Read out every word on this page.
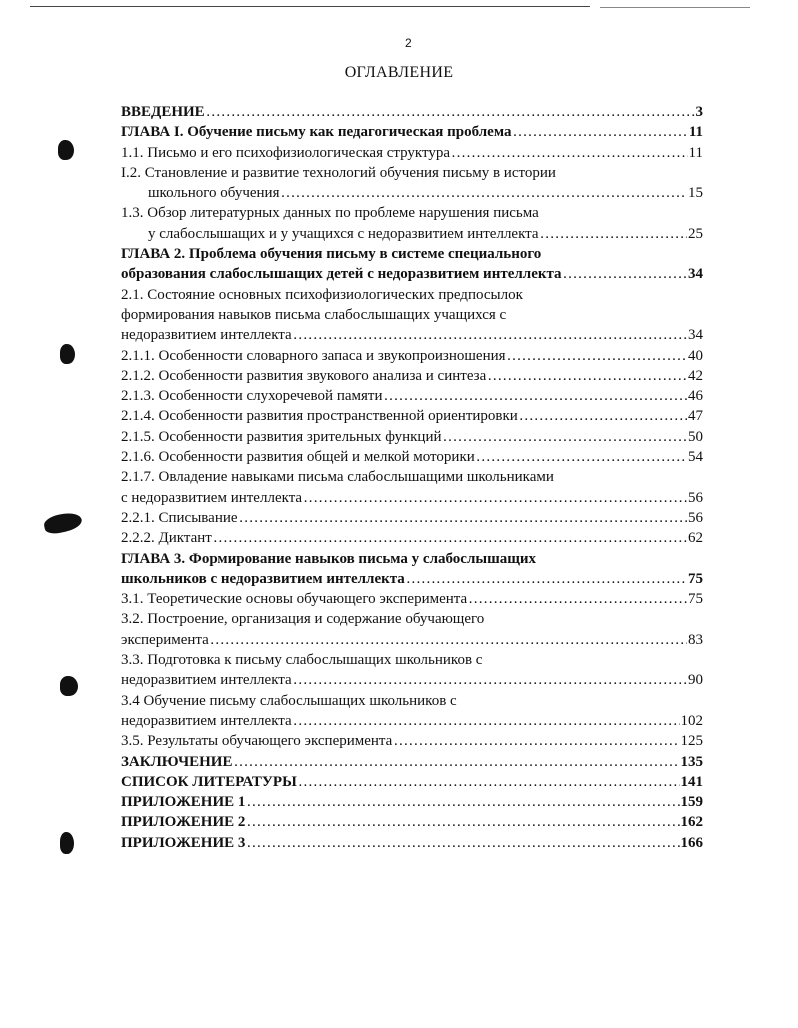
2
ОГЛАВЛЕНИЕ
ВВЕДЕНИЕ …………………………………………………………………………………………………………………………………………………………………………………………………………………………	3
ГЛАВА I. Обучение письму как педагогическая проблема …………………………………………………………………………………………………………………………………………………………………………………………………………………………	11
1.1. Письмо и его психофизиологическая структура …………………………………………………………………………………………………………………………………………………………………………………………………………………………	11
I.2. Становление и развитие технологий обучения письму в истории
школьного обучения …………………………………………………………………………………………………………………………………………………………………………………………………………………………	15
1.3. Обзор литературных данных по проблеме нарушения письма
у слабослышащих и у учащихся с недоразвитием интеллекта …………………………………………………………………………………………………………………………………………………………………………………………………………………………	25
ГЛАВА 2. Проблема обучения письму в системе специального
образования слабослышащих детей с недоразвитием интеллекта …………………………………………………………………………………………………………………………………………………………………………………………………………………………	34
2.1. Состояние основных психофизиологических предпосылок
формирования навыков письма слабослышащих учащихся с
недоразвитием интеллекта …………………………………………………………………………………………………………………………………………………………………………………………………………………………	34
2.1.1. Особенности словарного запаса и звукопроизношения …………………………………………………………………………………………………………………………………………………………………………………………………………………………	40
2.1.2. Особенности развития звукового анализа и синтеза …………………………………………………………………………………………………………………………………………………………………………………………………………………………	42
2.1.3. Особенности слухоречевой памяти …………………………………………………………………………………………………………………………………………………………………………………………………………………………	46
2.1.4. Особенности развития пространственной ориентировки …………………………………………………………………………………………………………………………………………………………………………………………………………………………	47
2.1.5. Особенности развития зрительных функций …………………………………………………………………………………………………………………………………………………………………………………………………………………………	50
2.1.6. Особенности развития общей и мелкой моторики …………………………………………………………………………………………………………………………………………………………………………………………………………………………	54
2.1.7. Овладение навыками письма слабослышащими школьниками
с недоразвитием интеллекта …………………………………………………………………………………………………………………………………………………………………………………………………………………………	56
2.2.1. Списывание …………………………………………………………………………………………………………………………………………………………………………………………………………………………	56
2.2.2. Диктант …………………………………………………………………………………………………………………………………………………………………………………………………………………………	62
ГЛАВА 3. Формирование навыков письма у слабослышащих
школьников с недоразвитием интеллекта …………………………………………………………………………………………………………………………………………………………………………………………………………………………	75
3.1. Теоретические основы обучающего эксперимента …………………………………………………………………………………………………………………………………………………………………………………………………………………………	75
3.2. Построение, организация и содержание обучающего
эксперимента …………………………………………………………………………………………………………………………………………………………………………………………………………………………	83
3.3. Подготовка к письму слабослышащих школьников с
недоразвитием интеллекта …………………………………………………………………………………………………………………………………………………………………………………………………………………………	90
3.4 Обучение письму слабослышащих школьников с
недоразвитием интеллекта …………………………………………………………………………………………………………………………………………………………………………………………………………………………	102
3.5. Результаты обучающего эксперимента …………………………………………………………………………………………………………………………………………………………………………………………………………………………	125
ЗАКЛЮЧЕНИЕ …………………………………………………………………………………………………………………………………………………………………………………………………………………………	135
СПИСОК ЛИТЕРАТУРЫ …………………………………………………………………………………………………………………………………………………………………………………………………………………………	141
ПРИЛОЖЕНИЕ 1 …………………………………………………………………………………………………………………………………………………………………………………………………………………………	159
ПРИЛОЖЕНИЕ 2 …………………………………………………………………………………………………………………………………………………………………………………………………………………………	162
ПРИЛОЖЕНИЕ 3 …………………………………………………………………………………………………………………………………………………………………………………………………………………………	166
